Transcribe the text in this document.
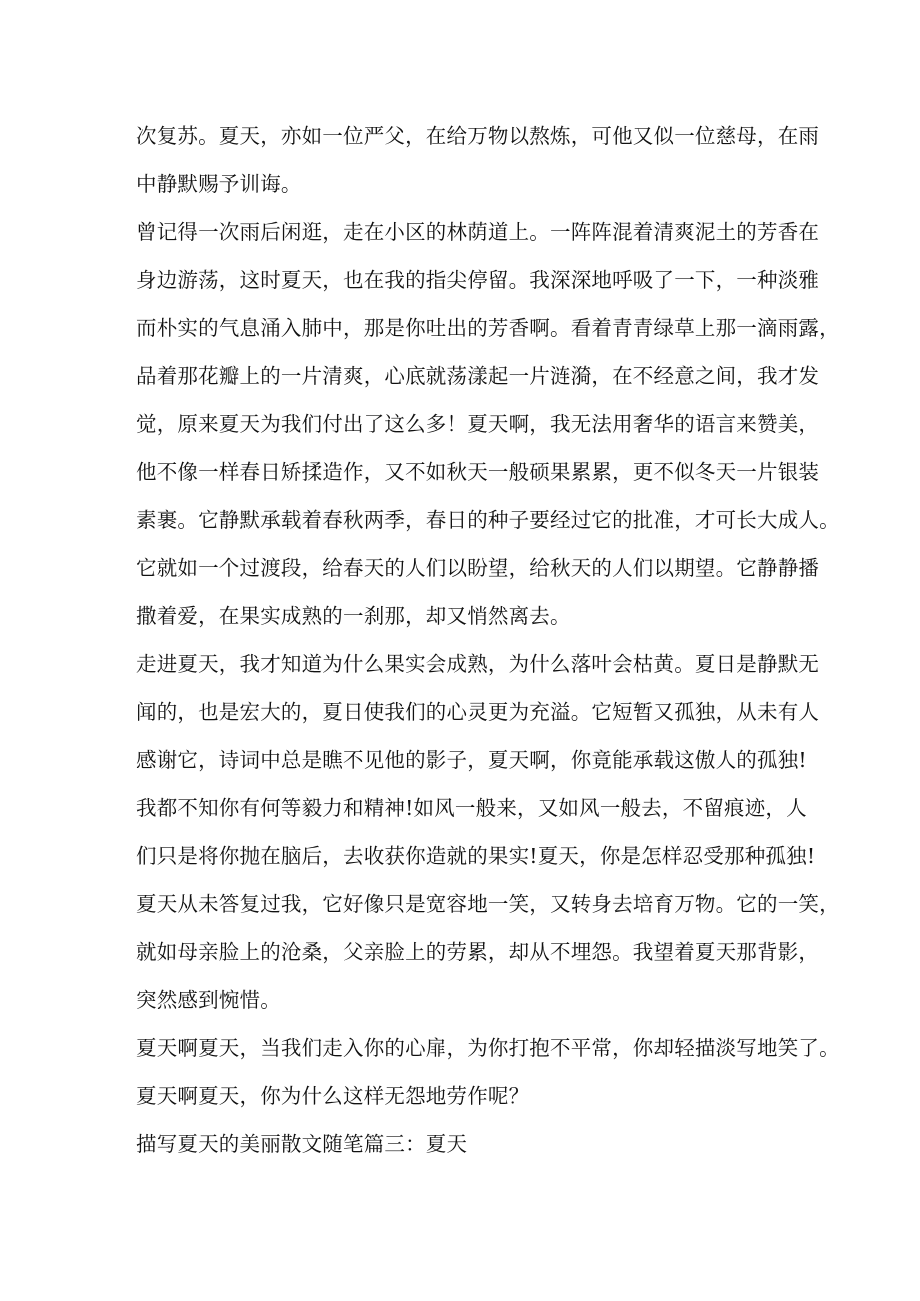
次复苏。夏天，亦如一位严父，在给万物以熬炼，可他又似一位慈母，在雨
中静默赐予训诲。
曾记得一次雨后闲逛，走在小区的林荫道上。一阵阵混着清爽泥土的芳香在
身边游荡，这时夏天，也在我的指尖停留。我深深地呼吸了一下，一种淡雅
而朴实的气息涌入肺中，那是你吐出的芳香啊。看着青青绿草上那一滴雨露，
品着那花瓣上的一片清爽，心底就荡漾起一片涟漪，在不经意之间，我才发
觉，原来夏天为我们付出了这么多！夏天啊，我无法用奢华的语言来赞美，
他不像一样春日矫揉造作，又不如秋天一般硕果累累，更不似冬天一片银装
素裹。它静默承载着春秋两季，春日的种子要经过它的批准，才可长大成人。
它就如一个过渡段，给春天的人们以盼望，给秋天的人们以期望。它静静播
撒着爱，在果实成熟的一刹那，却又悄然离去。
走进夏天，我才知道为什么果实会成熟，为什么落叶会枯黄。夏日是静默无
闻的，也是宏大的，夏日使我们的心灵更为充溢。它短暂又孤独，从未有人
感谢它，诗词中总是瞧不见他的影子，夏天啊，你竟能承载这傲人的孤独!
我都不知你有何等毅力和精神!如风一般来，又如风一般去，不留痕迹，人
们只是将你抛在脑后，去收获你造就的果实!夏天，你是怎样忍受那种孤独!
夏天从未答复过我，它好像只是宽容地一笑，又转身去培育万物。它的一笑，
就如母亲脸上的沧桑，父亲脸上的劳累，却从不埋怨。我望着夏天那背影，
突然感到惋惜。
夏天啊夏天，当我们走入你的心扉，为你打抱不平常，你却轻描淡写地笑了。
夏天啊夏天，你为什么这样无怨地劳作呢？
描写夏天的美丽散文随笔篇三：夏天
